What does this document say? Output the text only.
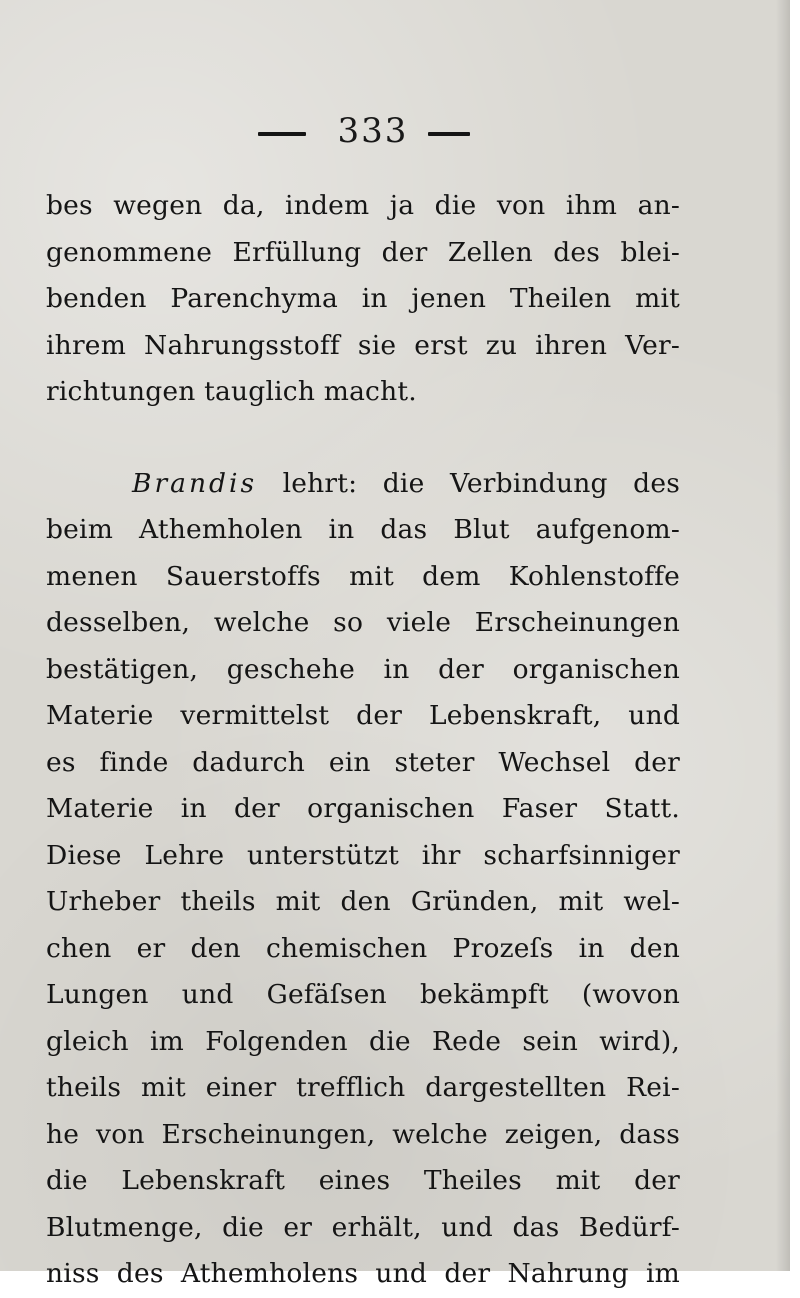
333
bes wegen da, indem ja die von ihm an-
genommene Erfüllung der Zellen des blei-
benden Parenchyma in jenen Theilen mit
ihrem Nahrungsstoff sie erst zu ihren Ver-
richtungen tauglich macht.
Brandis lehrt: die Verbindung des
beim Athemholen in das Blut aufgenom-
menen Sauerstoffs mit dem Kohlenstoffe
desselben, welche so viele Erscheinungen
bestätigen, geschehe in der organischen
Materie vermittelst der Lebenskraft, und
es finde dadurch ein steter Wechsel der
Materie in der organischen Faser Statt.
Diese Lehre unterstützt ihr scharfsinniger
Urheber theils mit den Gründen, mit wel-
chen er den chemischen Prozeſs in den
Lungen und Gefäſsen bekämpft (wovon
gleich im Folgenden die Rede sein wird),
theils mit einer trefflich dargestellten Rei-
he von Erscheinungen, welche zeigen, dass
die Lebenskraft eines Theiles mit der
Blutmenge, die er erhält, und das Bedürf-
niss des Athemholens und der Nahrung im
